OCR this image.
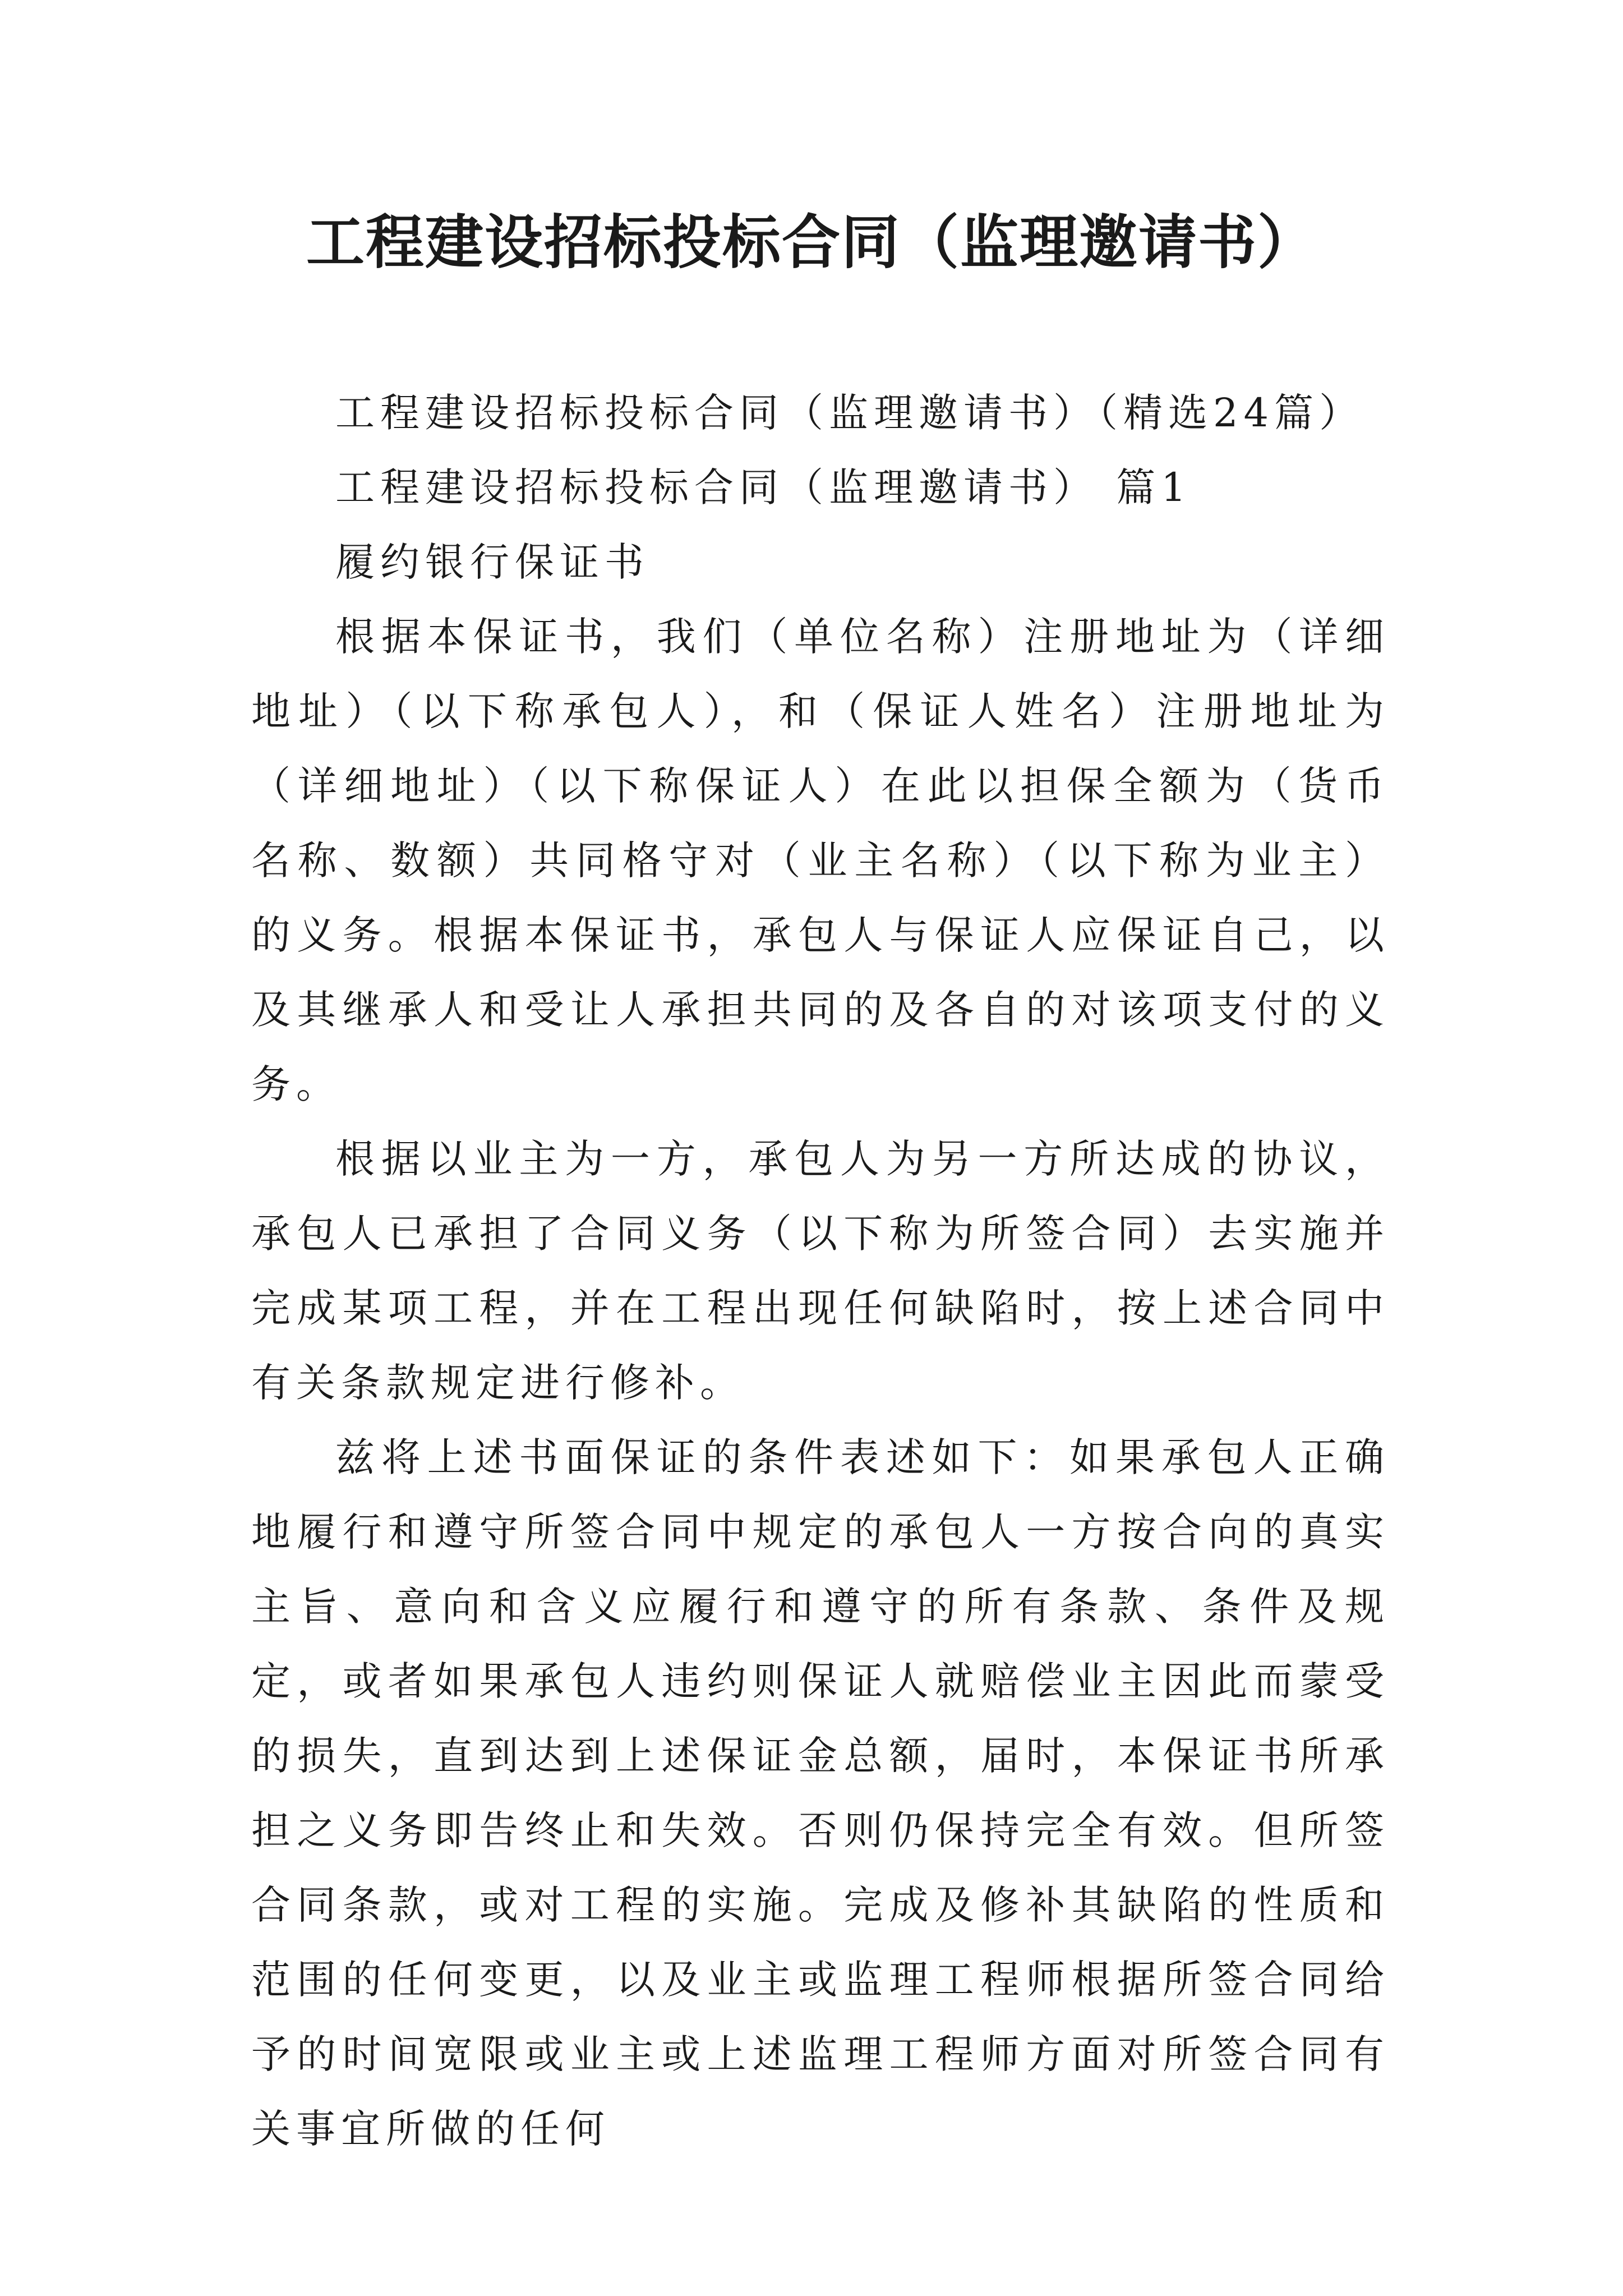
工程建设招标投标合同（监理邀请书）

工程建设招标投标合同（监理邀请书）（精选24篇）

工程建设招标投标合同（监理邀请书） 篇1

履约银行保证书

根据本保证书，我们（单位名称）注册地址为（详细地址）（以下称承包人），和（保证人姓名）注册地址为（详细地址）（以下称保证人）在此以担保全额为（货币名称、数额）共同格守对（业主名称）（以下称为业主）的义务。根据本保证书，承包人与保证人应保证自己，以及其继承人和受让人承担共同的及各自的对该项支付的义务。

根据以业主为一方，承包人为另一方所达成的协议，承包人已承担了合同义务（以下称为所签合同）去实施并完成某项工程，并在工程出现任何缺陷时，按上述合同中有关条款规定进行修补。

兹将上述书面保证的条件表述如下：如果承包人正确地履行和遵守所签合同中规定的承包人一方按合向的真实主旨、意向和含义应履行和遵守的所有条款、条件及规定，或者如果承包人违约则保证人就赔偿业主因此而蒙受的损失，直到达到上述保证金总额，届时，本保证书所承担之义务即告终止和失效。否则仍保持完全有效。但所签合同条款，或对工程的实施。完成及修补其缺陷的性质和范围的任何变更，以及业主或监理工程师根据所签合同给予的时间宽限或业主或上述监理工程师方面对所签合同有关事宜所做的任何
